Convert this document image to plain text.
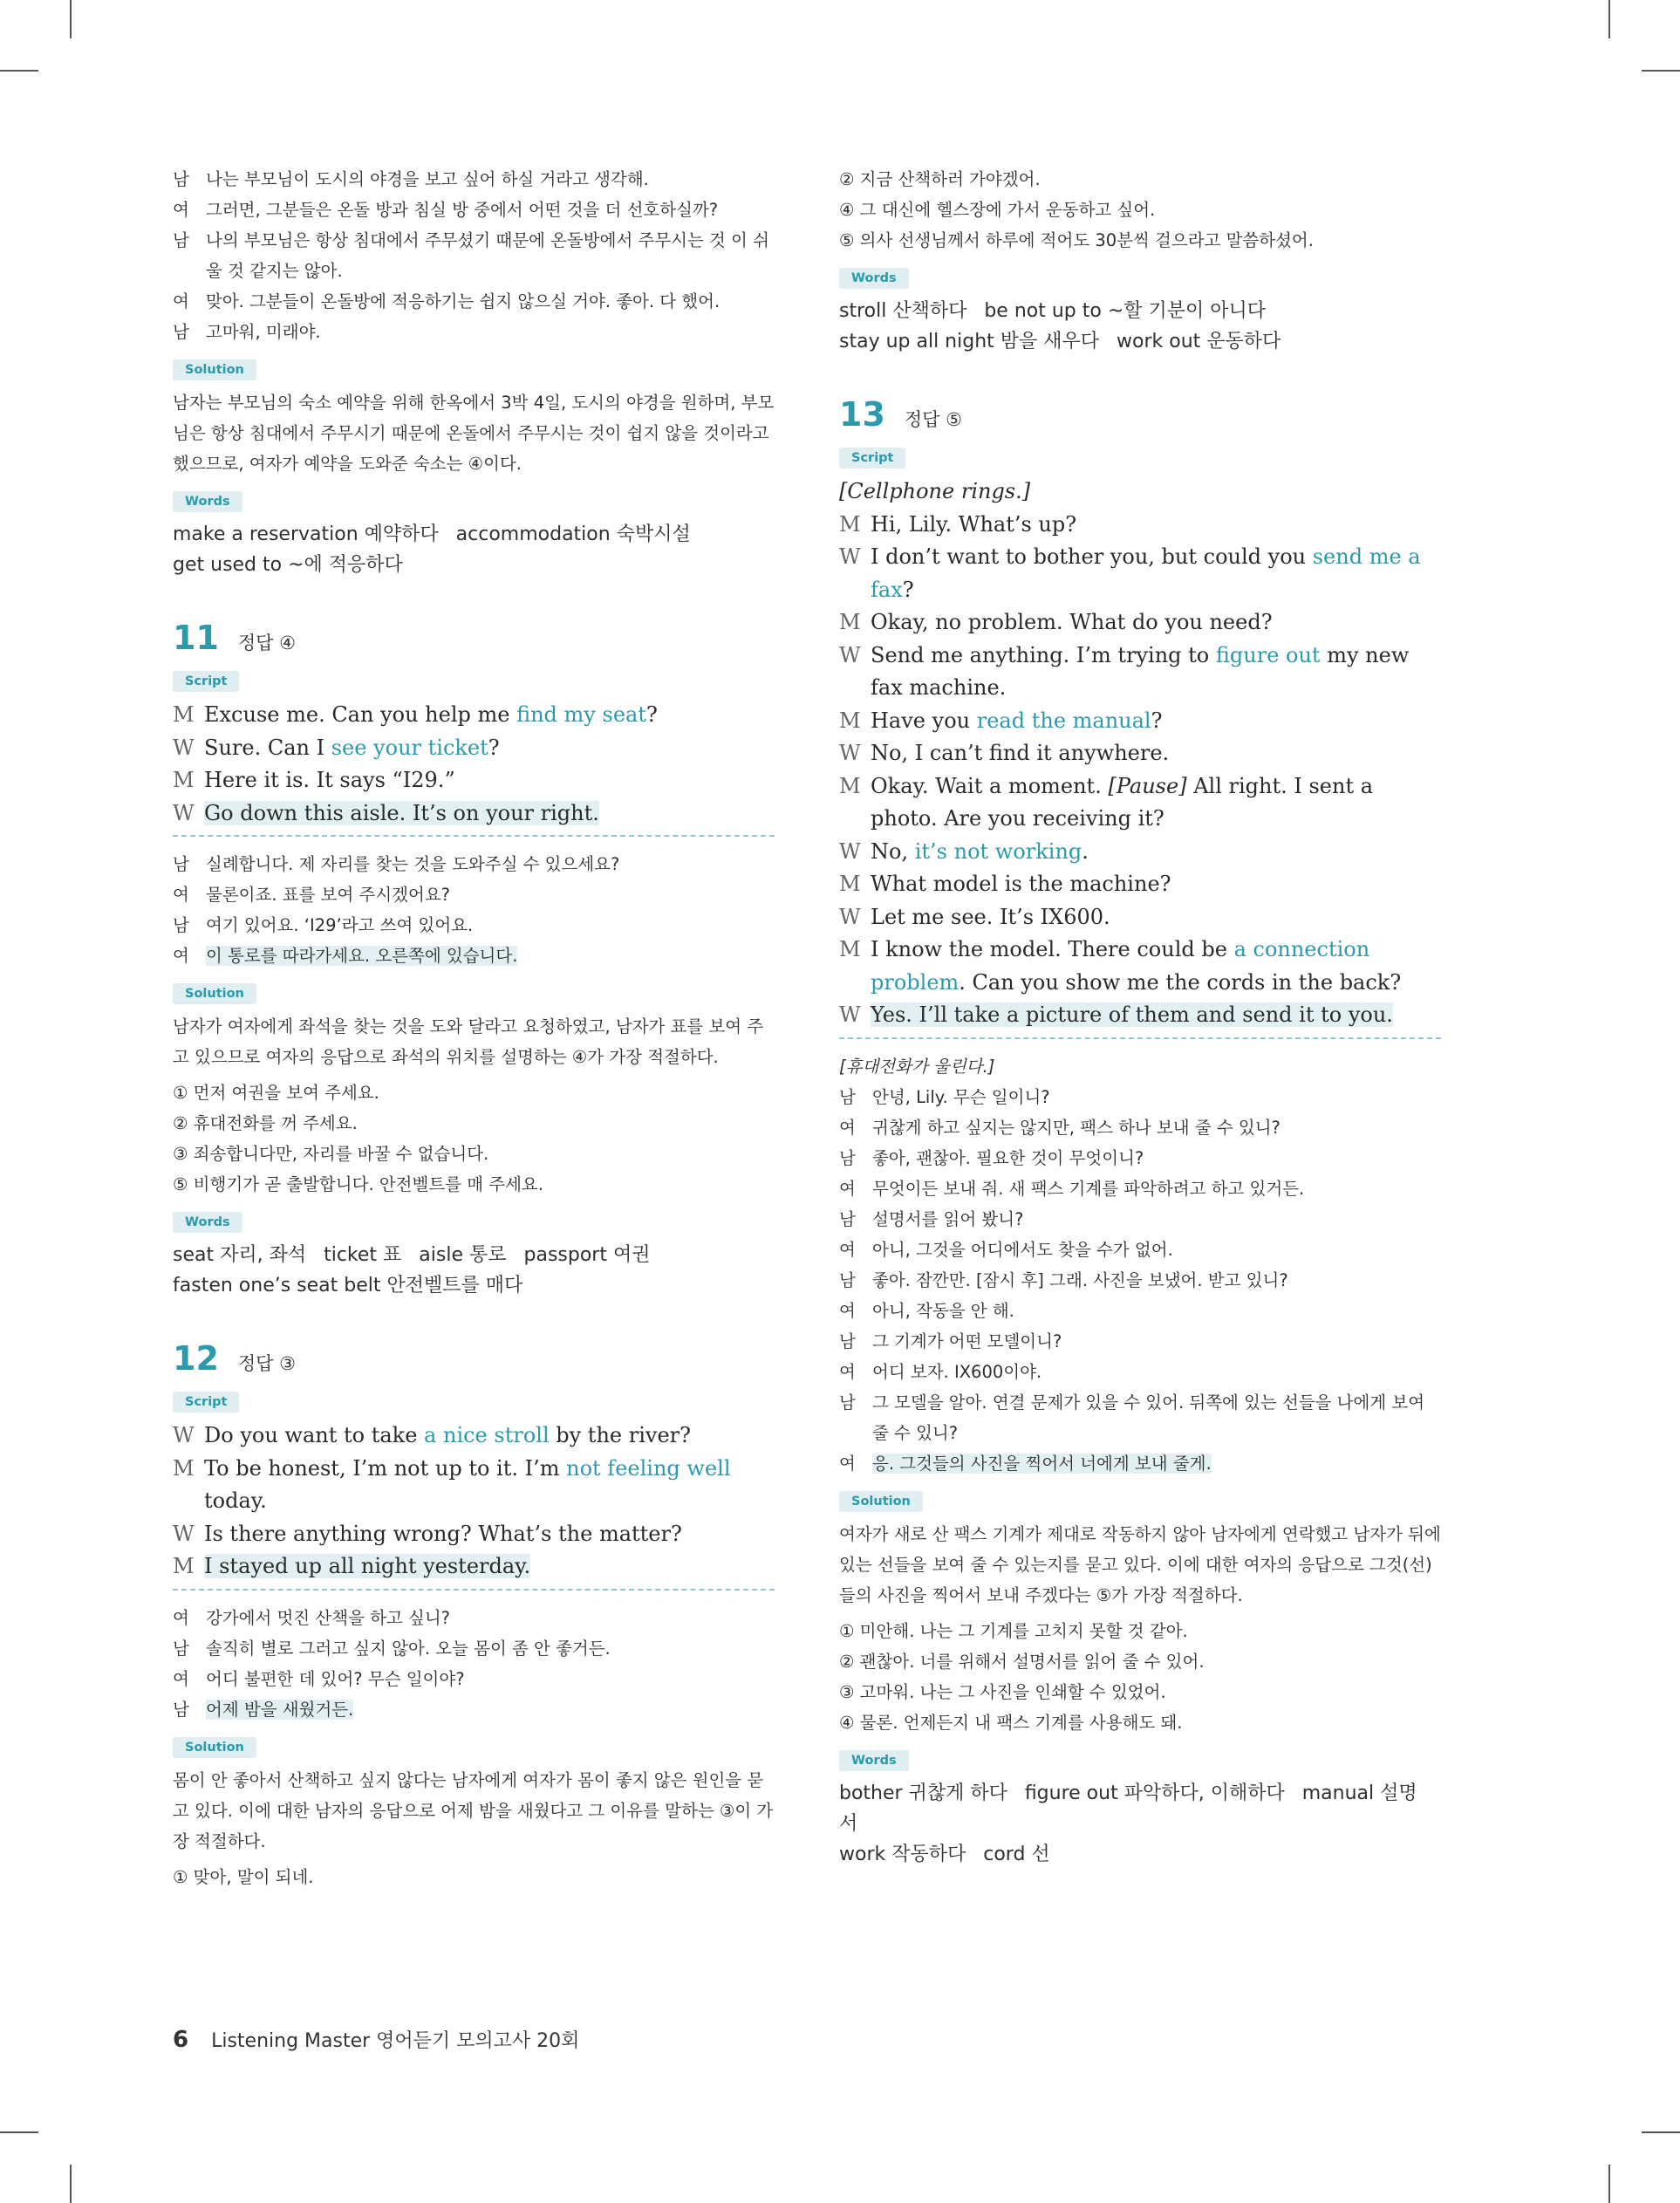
남 나는 부모님이 도시의 야경을 보고 싶어 하실 거라고 생각해.
여 그러면, 그분들은 온돌 방과 침실 방 중에서 어떤 것을 더 선호하실까?
남 나의 부모님은 항상 침대에서 주무셨기 때문에 온돌방에서 주무시는 것 이 쉬울 것 같지는 않아.
여 맞아. 그분들이 온돌방에 적응하기는 쉽지 않으실 거야. 좋아. 다 했어.
남 고마워, 미래야.
Solution
남자는 부모님의 숙소 예약을 위해 한옥에서 3박 4일, 도시의 야경을 원하며, 부모님은 항상 침대에서 주무시기 때문에 온돌에서 주무시는 것이 쉽지 않을 것이라고 했으므로, 여자가 예약을 도와준 숙소는 ④이다.
Words
make a reservation 예약하다 accommodation 숙박시설
get used to ~에 적응하다
11 정답 ④
Script
M Excuse me. Can you help me find my seat?
W Sure. Can I see your ticket?
M Here it is. It says “I29.”
W Go down this aisle. It’s on your right.
남 실례합니다. 제 자리를 찾는 것을 도와주실 수 있으세요?
여 물론이죠. 표를 보여 주시겠어요?
남 여기 있어요. ‘I29’라고 쓰여 있어요.
여 이 통로를 따라가세요. 오른쪽에 있습니다.
Solution
남자가 여자에게 좌석을 찾는 것을 도와 달라고 요청하였고, 남자가 표를 보여 주고 있으므로 여자의 응답으로 좌석의 위치를 설명하는 ④가 가장 적절하다.
① 먼저 여권을 보여 주세요.
② 휴대전화를 꺼 주세요.
③ 죄송합니다만, 자리를 바꿀 수 없습니다.
⑤ 비행기가 곧 출발합니다. 안전벨트를 매 주세요.
Words
seat 자리, 좌석 ticket 표 aisle 통로 passport 여권
fasten one’s seat belt 안전벨트를 매다
12 정답 ③
Script
W Do you want to take a nice stroll by the river?
M To be honest, I’m not up to it. I’m not feeling well today.
W Is there anything wrong? What’s the matter?
M I stayed up all night yesterday.
여 강가에서 멋진 산책을 하고 싶니?
남 솔직히 별로 그러고 싶지 않아. 오늘 몸이 좀 안 좋거든.
여 어디 불편한 데 있어? 무슨 일이야?
남 어제 밤을 새웠거든.
Solution
몸이 안 좋아서 산책하고 싶지 않다는 남자에게 여자가 몸이 좋지 않은 원인을 묻고 있다. 이에 대한 남자의 응답으로 어제 밤을 새웠다고 그 이유를 말하는 ③이 가장 적절하다.
① 맞아, 말이 되네.
② 지금 산책하러 가야겠어.
④ 그 대신에 헬스장에 가서 운동하고 싶어.
⑤ 의사 선생님께서 하루에 적어도 30분씩 걸으라고 말씀하셨어.
Words
stroll 산책하다 be not up to ~할 기분이 아니다
stay up all night 밤을 새우다 work out 운동하다
13 정답 ⑤
Script
[Cellphone rings.]
M Hi, Lily. What’s up?
W I don’t want to bother you, but could you send me a fax?
M Okay, no problem. What do you need?
W Send me anything. I’m trying to figure out my new fax machine.
M Have you read the manual?
W No, I can’t find it anywhere.
M Okay. Wait a moment. [Pause] All right. I sent a photo. Are you receiving it?
W No, it’s not working.
M What model is the machine?
W Let me see. It’s IX600.
M I know the model. There could be a connection problem. Can you show me the cords in the back?
W Yes. I’ll take a picture of them and send it to you.
[휴대전화가 울린다.]
남 안녕, Lily. 무슨 일이니?
여 귀찮게 하고 싶지는 않지만, 팩스 하나 보내 줄 수 있니?
남 좋아, 괜찮아. 필요한 것이 무엇이니?
여 무엇이든 보내 줘. 새 팩스 기계를 파악하려고 하고 있거든.
남 설명서를 읽어 봤니?
여 아니, 그것을 어디에서도 찾을 수가 없어.
남 좋아. 잠깐만. [잠시 후] 그래. 사진을 보냈어. 받고 있니?
여 아니, 작동을 안 해.
남 그 기계가 어떤 모델이니?
여 어디 보자. IX600이야.
남 그 모델을 알아. 연결 문제가 있을 수 있어. 뒤쪽에 있는 선들을 나에게 보여 줄 수 있니?
여 응. 그것들의 사진을 찍어서 너에게 보내 줄게.
Solution
여자가 새로 산 팩스 기계가 제대로 작동하지 않아 남자에게 연락했고 남자가 뒤에 있는 선들을 보여 줄 수 있는지를 묻고 있다. 이에 대한 여자의 응답으로 그것(선)들의 사진을 찍어서 보내 주겠다는 ⑤가 가장 적절하다.
① 미안해. 나는 그 기계를 고치지 못할 것 같아.
② 괜찮아. 너를 위해서 설명서를 읽어 줄 수 있어.
③ 고마워. 나는 그 사진을 인쇄할 수 있었어.
④ 물론. 언제든지 내 팩스 기계를 사용해도 돼.
Words
bother 귀찮게 하다 figure out 파악하다, 이해하다 manual 설명서
work 작동하다 cord 선
6 Listening Master 영어듣기 모의고사 20회
